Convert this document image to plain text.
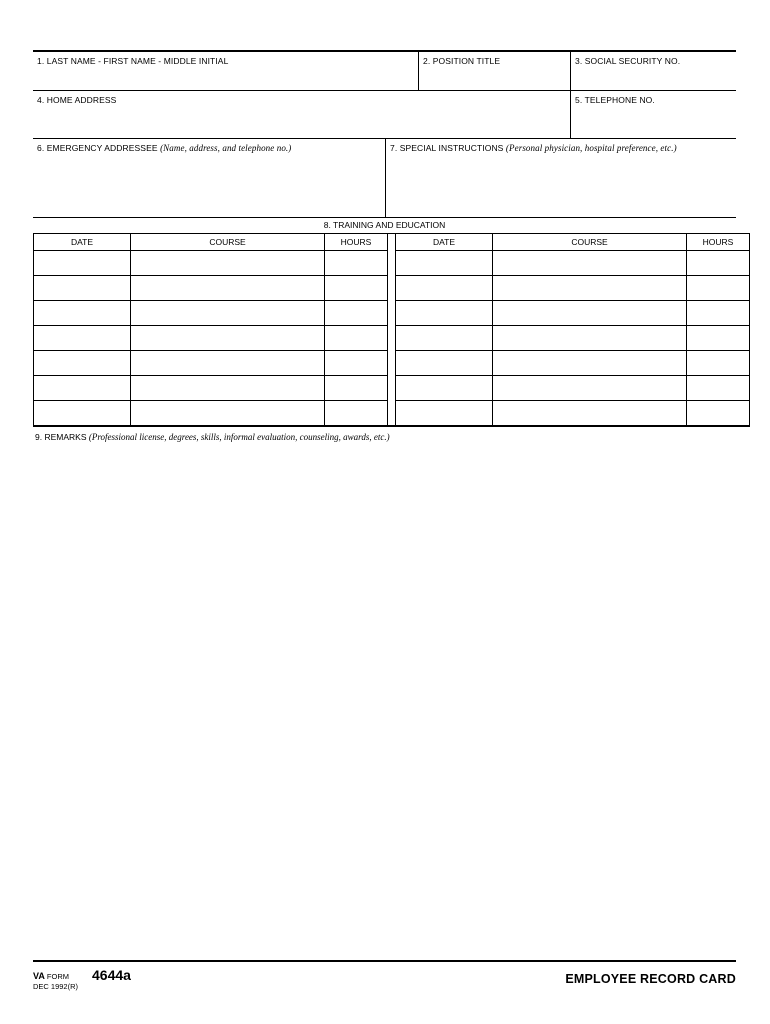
1. LAST NAME - FIRST NAME - MIDDLE INITIAL	2. POSITION TITLE	3. SOCIAL SECURITY NO.
4. HOME ADDRESS	5. TELEPHONE NO.
6. EMERGENCY ADDRESSEE (Name, address, and telephone no.)	7. SPECIAL INSTRUCTIONS (Personal physician, hospital preference, etc.)
8. TRAINING AND EDUCATION
DATE	COURSE	HOURS		DATE	COURSE	HOURS

9. REMARKS (Professional license, degrees, skills, informal evaluation, counseling, awards, etc.)
VA FORM
DEC 1992(R)
4644a	EMPLOYEE RECORD CARD
